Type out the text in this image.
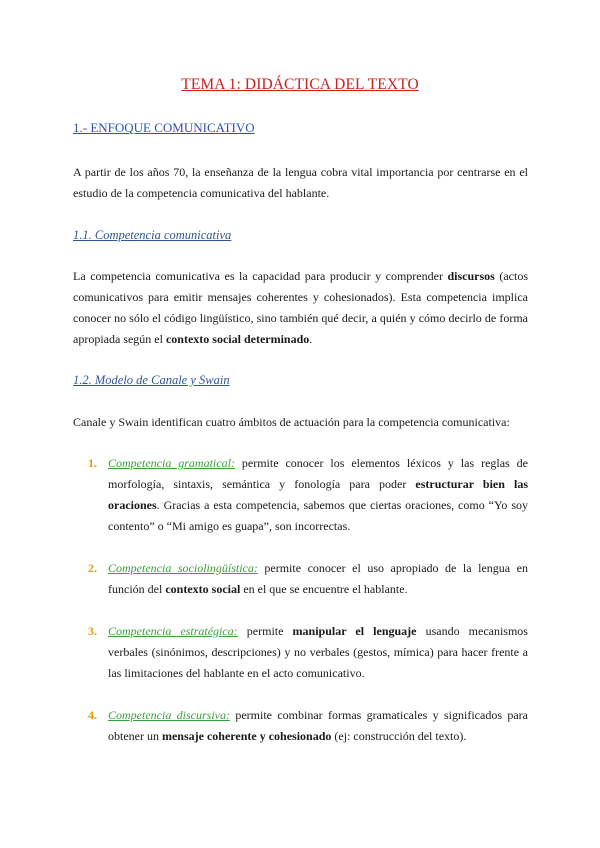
TEMA 1: DIDÁCTICA DEL TEXTO
1.- ENFOQUE COMUNICATIVO
A partir de los años 70, la enseñanza de la lengua cobra vital importancia por centrarse en el estudio de la competencia comunicativa del hablante.
1.1. Competencia comunicativa
La competencia comunicativa es la capacidad para producir y comprender discursos (actos comunicativos para emitir mensajes coherentes y cohesionados). Esta competencia implica conocer no sólo el código lingüístico, sino también qué decir, a quién y cómo decirlo de forma apropiada según el contexto social determinado.
1.2. Modelo de Canale y Swain
Canale y Swain identifican cuatro ámbitos de actuación para la competencia comunicativa:
1. Competencia gramatical: permite conocer los elementos léxicos y las reglas de morfología, sintaxis, semántica y fonología para poder estructurar bien las oraciones. Gracias a esta competencia, sabemos que ciertas oraciones, como “Yo soy contento” o “Mi amigo es guapa”, son incorrectas.
2. Competencia sociolingüística: permite conocer el uso apropiado de la lengua en función del contexto social en el que se encuentre el hablante.
3. Competencia estratégica: permite manipular el lenguaje usando mecanismos verbales (sinónimos, descripciones) y no verbales (gestos, mímica) para hacer frente a las limitaciones del hablante en el acto comunicativo.
4. Competencia discursiva: permite combinar formas gramaticales y significados para obtener un mensaje coherente y cohesionado (ej: construcción del texto).
